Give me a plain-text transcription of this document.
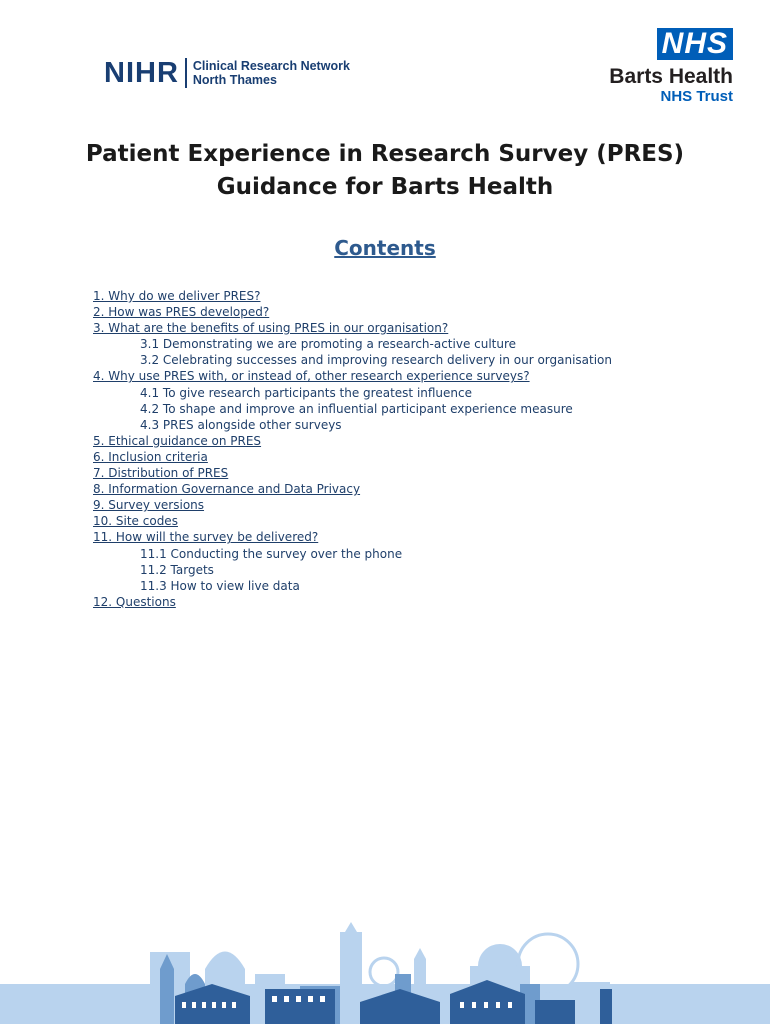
NIHR Clinical Research Network
North Thames
NHS
Barts Health
NHS Trust
Patient Experience in Research Survey (PRES)
Guidance for Barts Health
Contents
1. Why do we deliver PRES?
2. How was PRES developed?
3. What are the benefits of using PRES in our organisation?
3.1 Demonstrating we are promoting a research-active culture
3.2 Celebrating successes and improving research delivery in our organisation
4. Why use PRES with, or instead of, other research experience surveys?
4.1 To give research participants the greatest influence
4.2 To shape and improve an influential participant experience measure
4.3 PRES alongside other surveys
5. Ethical guidance on PRES
6. Inclusion criteria
7. Distribution of PRES
8. Information Governance and Data Privacy
9. Survey versions
10. Site codes
11. How will the survey be delivered?
11.1 Conducting the survey over the phone
11.2 Targets
11.3 How to view live data
12. Questions
